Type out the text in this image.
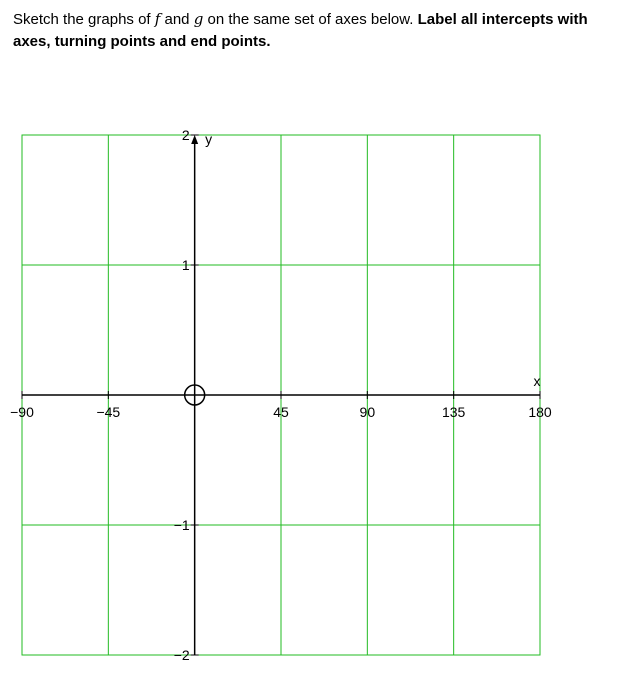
Sketch the graphs of f and g on the same set of axes below. Label all intercepts with axes, turning points and end points.

x
y
−90	−45	45	90	135	180
2
1
−1
−2
